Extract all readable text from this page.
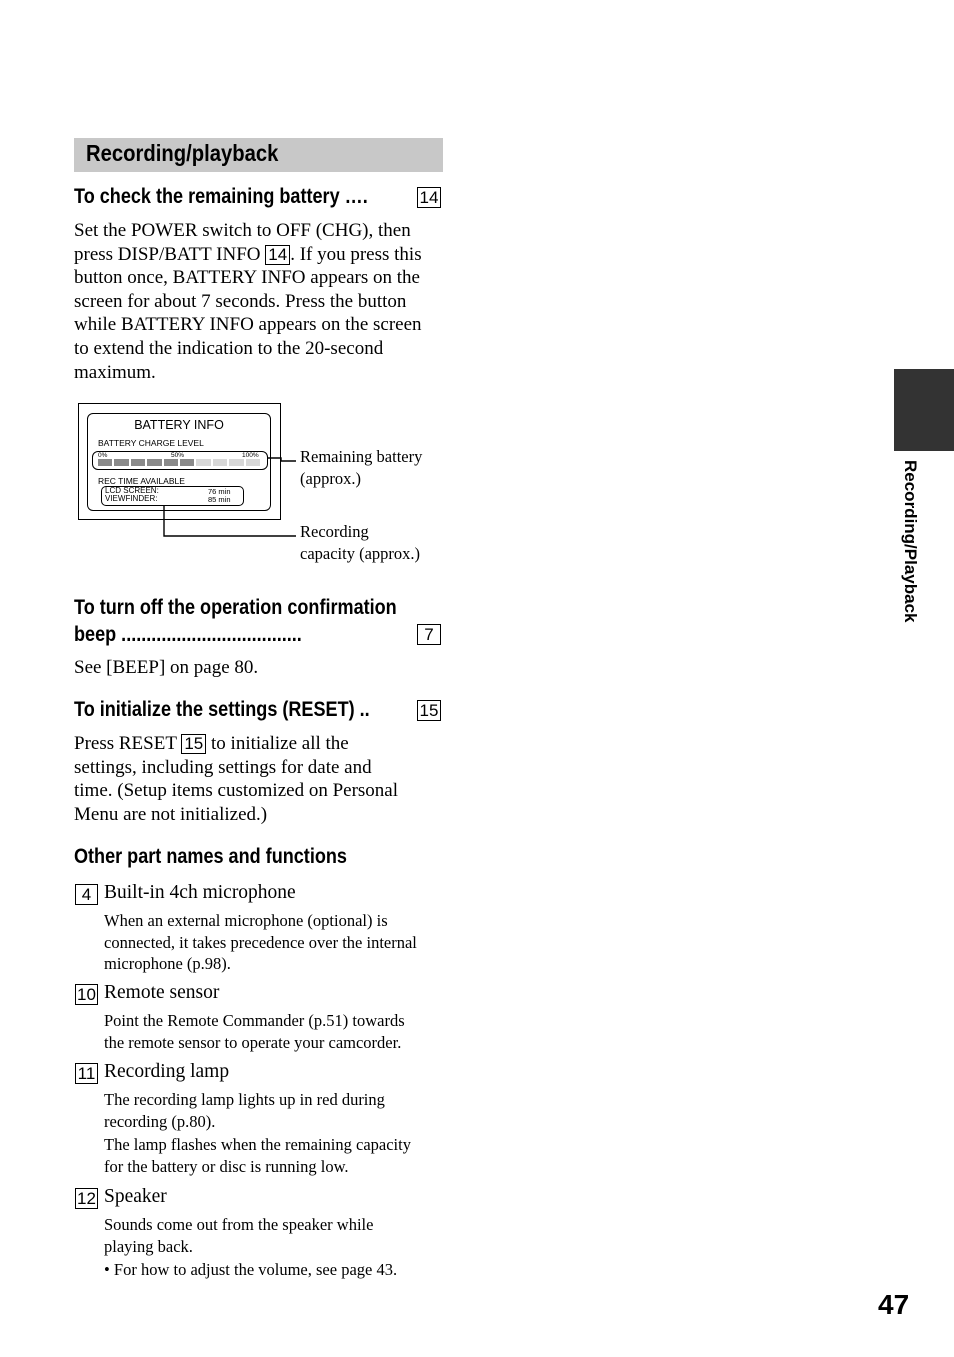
Recording/playback
To check the remaining battery ….	14
Set the POWER switch to OFF (CHG), then
press DISP/BATT INFO 14 . If you press this
button once, BATTERY INFO appears on the
screen for about 7 seconds. Press the button
while BATTERY INFO appears on the screen
to extend the indication to the 20-second
maximum.
BATTERY INFO
BATTERY CHARGE LEVEL
0%	50%	100%
REC TIME AVAILABLE
LCD SCREEN:	76 min
VIEWFINDER:	85 min
Remaining battery
(approx.)
Recording
capacity (approx.)
To turn off the operation confirmation
beep ....................................	7
See [BEEP] on page 80.
To initialize the settings (RESET) ..	15
Press RESET 15 to initialize all the
settings, including settings for date and
time. (Setup items customized on Personal
Menu are not initialized.)
Other part names and functions
4 Built-in 4ch microphone
When an external microphone (optional) is
connected, it takes precedence over the internal
microphone (p.98).
10 Remote sensor
Point the Remote Commander (p.51) towards
the remote sensor to operate your camcorder.
11 Recording lamp
The recording lamp lights up in red during
recording (p.80).
The lamp flashes when the remaining capacity
for the battery or disc is running low.
12 Speaker
Sounds come out from the speaker while
playing back.
• For how to adjust the volume, see page 43.
Recording/Playback
47
